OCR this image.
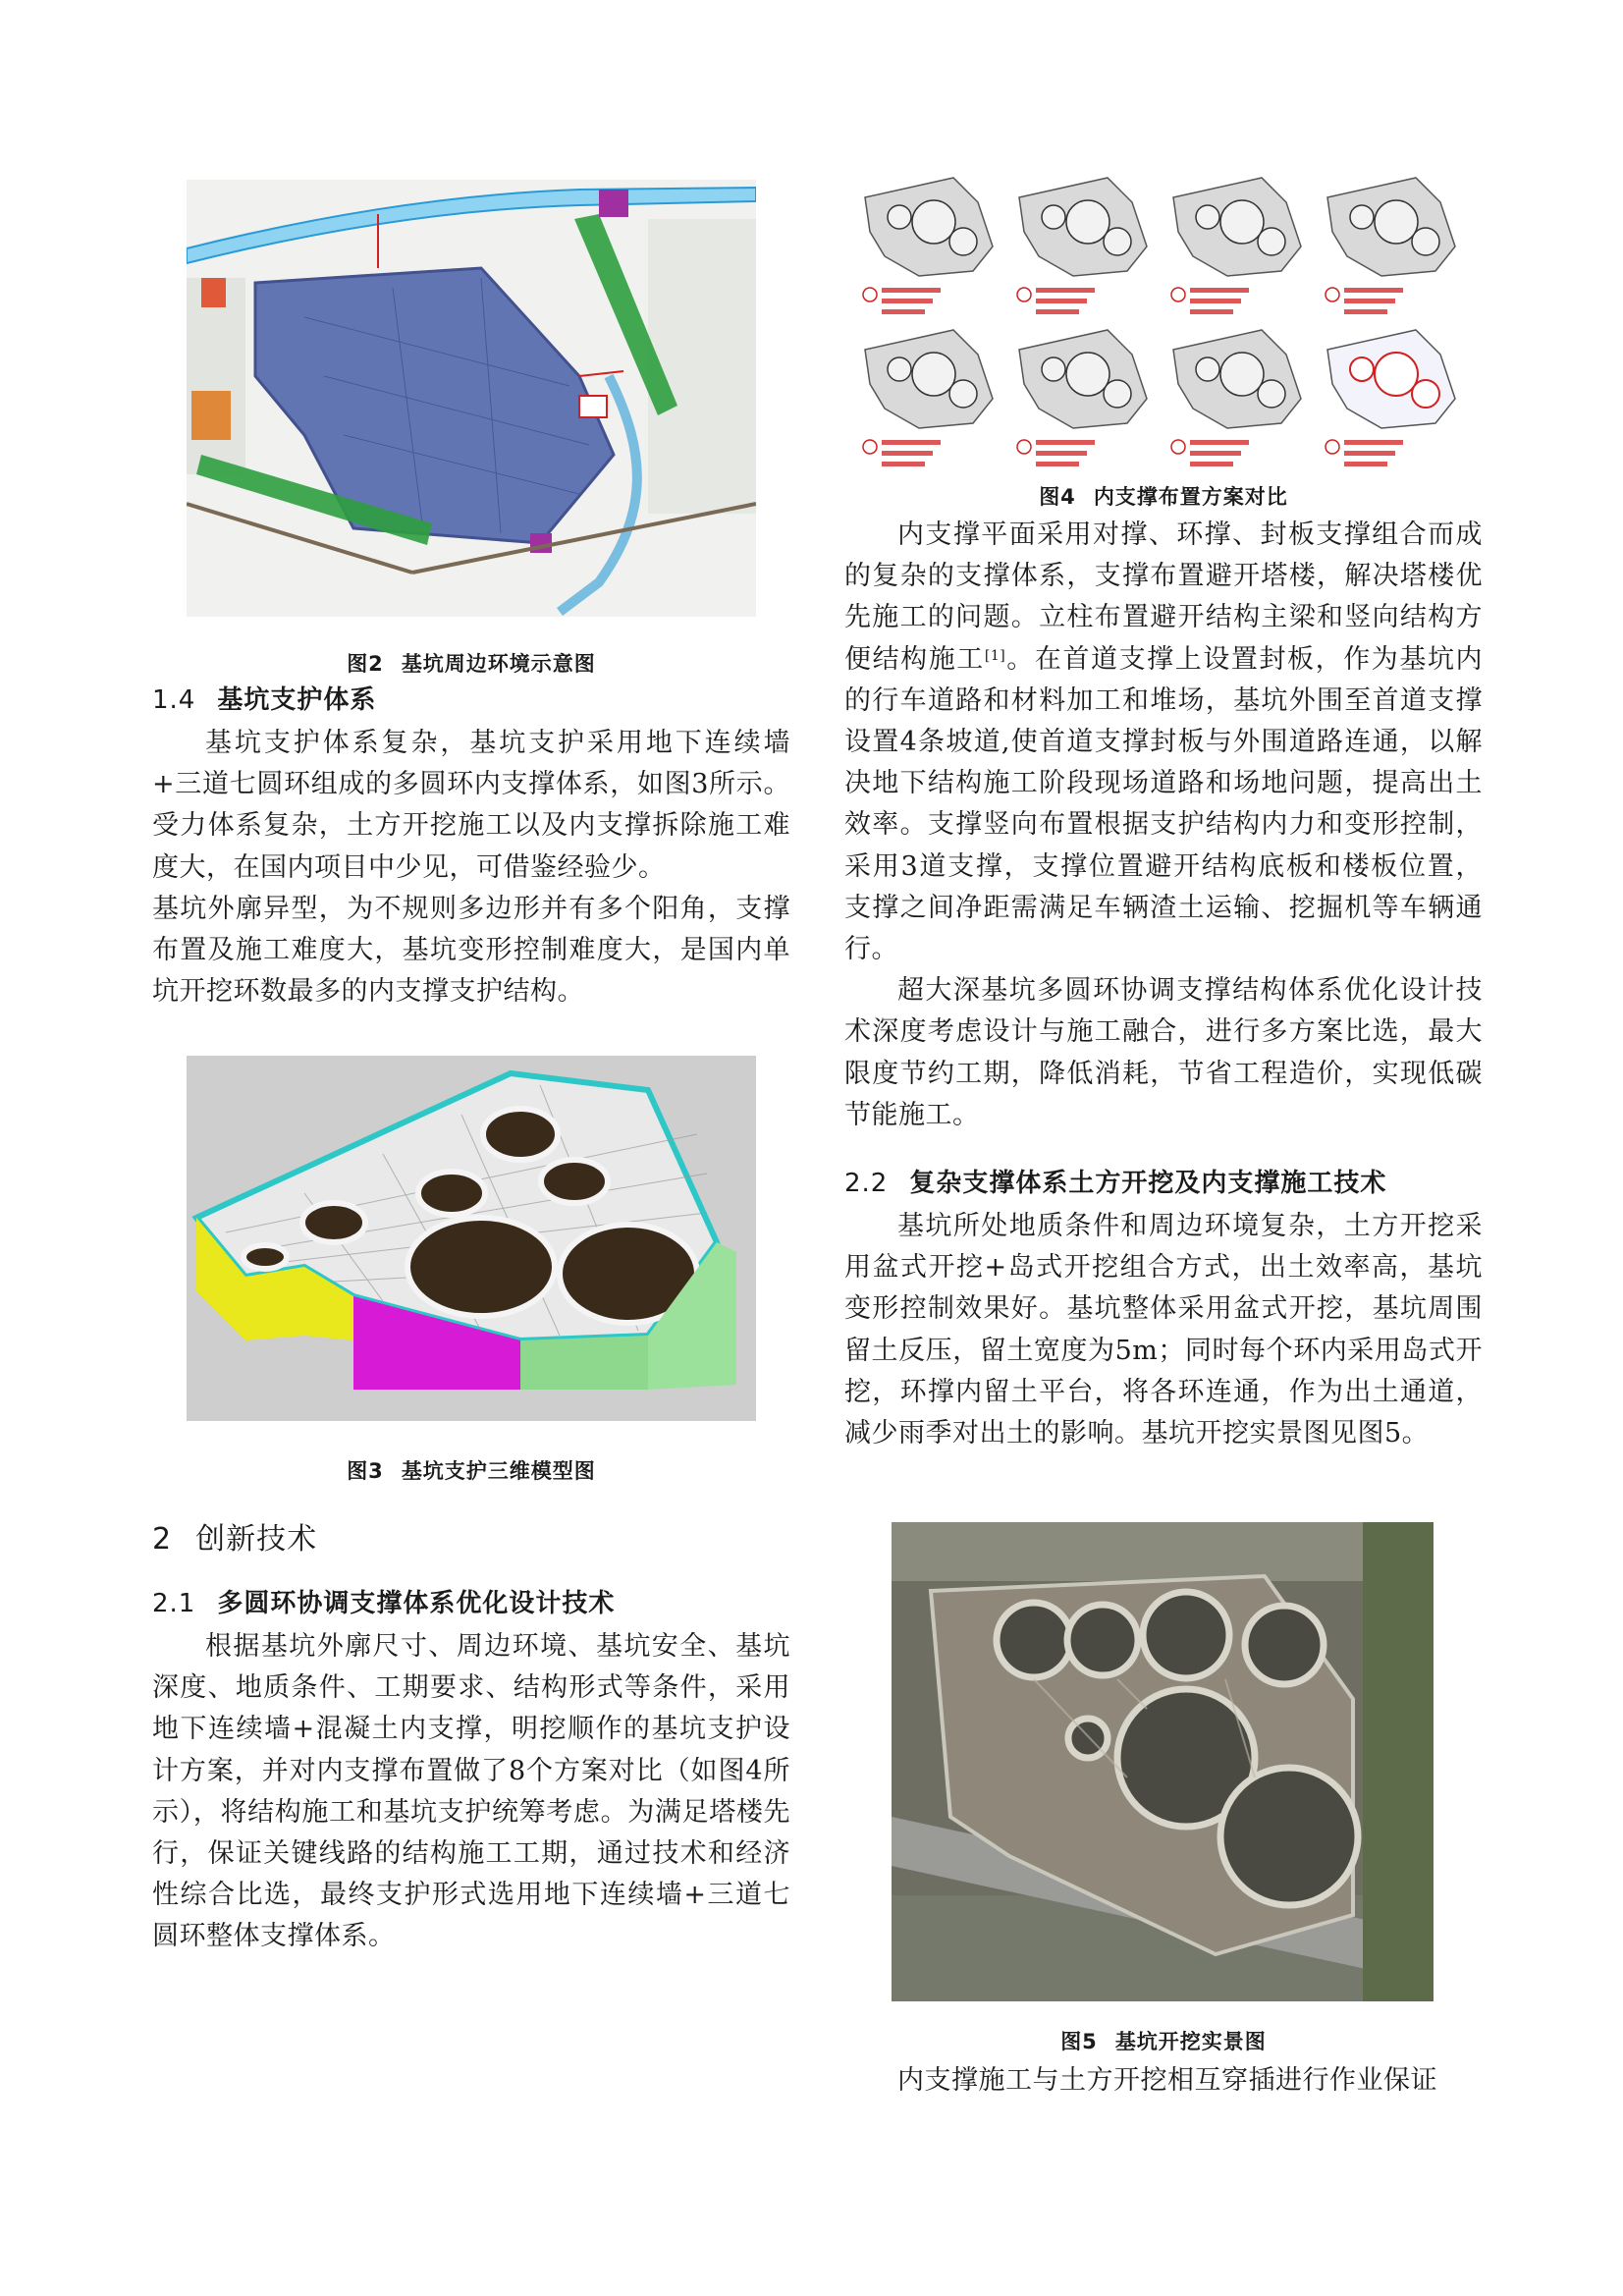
图2 基坑周边环境示意图

1.4 基坑支护体系

基坑支护体系复杂，基坑支护采用地下连续墙+三道七圆环组成的多圆环内支撑体系，如图3所示。受力体系复杂，土方开挖施工以及内支撑拆除施工难度大，在国内项目中少见，可借鉴经验少。

基坑外廓异型，为不规则多边形并有多个阳角，支撑布置及施工难度大，基坑变形控制难度大，是国内单坑开挖环数最多的内支撑支护结构。

图3 基坑支护三维模型图

2 创新技术

2.1 多圆环协调支撑体系优化设计技术

根据基坑外廓尺寸、周边环境、基坑安全、基坑深度、地质条件、工期要求、结构形式等条件，采用地下连续墙+混凝土内支撑，明挖顺作的基坑支护设计方案，并对内支撑布置做了8个方案对比（如图4所示），将结构施工和基坑支护统筹考虑。为满足塔楼先行，保证关键线路的结构施工工期，通过技术和经济性综合比选，最终支护形式选用地下连续墙+三道七圆环整体支撑体系。

图4 内支撑布置方案对比

内支撑平面采用对撑、环撑、封板支撑组合而成的复杂的支撑体系，支撑布置避开塔楼，解决塔楼优先施工的问题。立柱布置避开结构主梁和竖向结构方便结构施工[1]。在首道支撑上设置封板，作为基坑内的行车道路和材料加工和堆场，基坑外围至首道支撑设置4条坡道,使首道支撑封板与外围道路连通，以解决地下结构施工阶段现场道路和场地问题，提高出土效率。支撑竖向布置根据支护结构内力和变形控制，采用3道支撑，支撑位置避开结构底板和楼板位置，支撑之间净距需满足车辆渣土运输、挖掘机等车辆通行。

超大深基坑多圆环协调支撑结构体系优化设计技术深度考虑设计与施工融合，进行多方案比选，最大限度节约工期，降低消耗，节省工程造价，实现低碳节能施工。

2.2 复杂支撑体系土方开挖及内支撑施工技术

基坑所处地质条件和周边环境复杂，土方开挖采用盆式开挖+岛式开挖组合方式，出土效率高，基坑变形控制效果好。基坑整体采用盆式开挖，基坑周围留土反压，留土宽度为5m；同时每个环内采用岛式开挖，环撑内留土平台，将各环连通，作为出土通道，减少雨季对出土的影响。基坑开挖实景图见图5。

图5 基坑开挖实景图

内支撑施工与土方开挖相互穿插进行作业保证
